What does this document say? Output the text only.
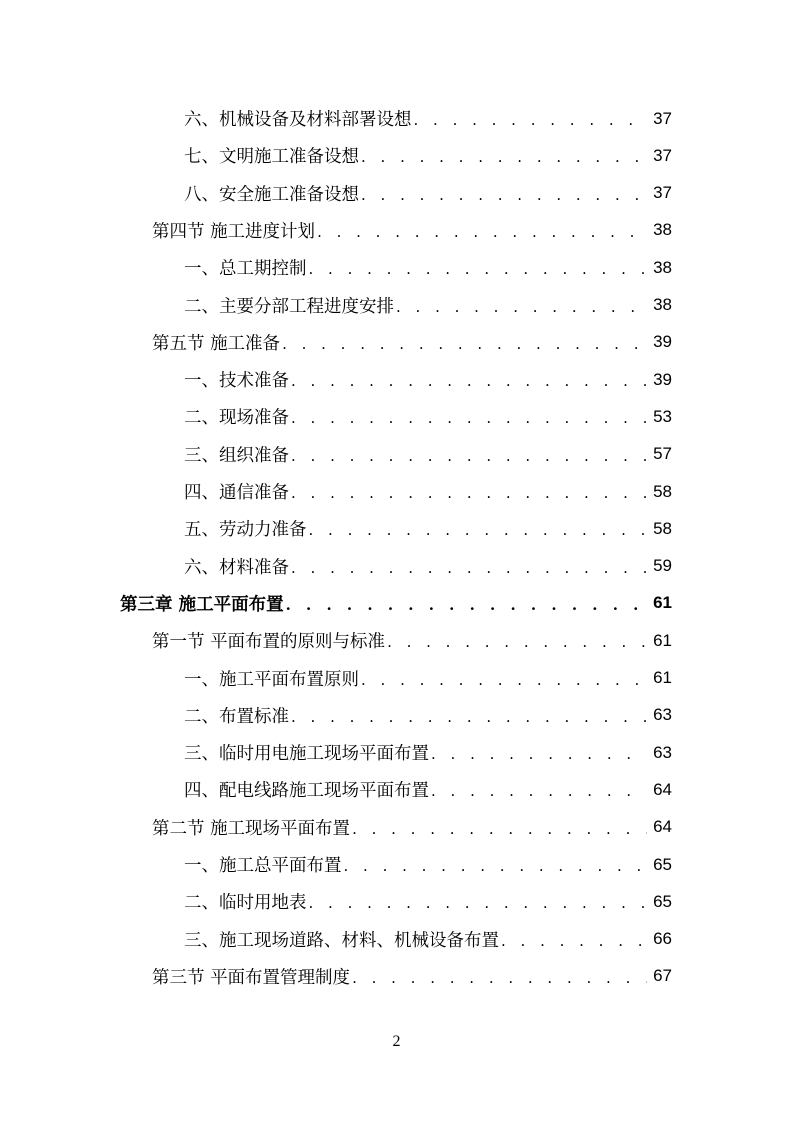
六、机械设备及材料部署设想 . . .	37
七、文明施工准备设想 . . .	37
八、安全施工准备设想 . . .	37
第四节 施工进度计划 . . .	38
一、总工期控制 . . .	38
二、主要分部工程进度安排 . . .	38
第五节 施工准备 . . .	39
一、技术准备 . . .	39
二、现场准备 . . .	53
三、组织准备 . . .	57
四、通信准备 . . .	58
五、劳动力准备 . . .	58
六、材料准备 . . .	59
第三章 施工平面布置 . . .	61
第一节 平面布置的原则与标准 . . .	61
一、施工平面布置原则 . . .	61
二、布置标准 . . .	63
三、临时用电施工现场平面布置 . . .	63
四、配电线路施工现场平面布置 . . .	64
第二节 施工现场平面布置 . . .	64
一、施工总平面布置 . . .	65
二、临时用地表 . . .	65
三、施工现场道路、材料、机械设备布置 . . .	66
第三节 平面布置管理制度 . . .	67
2
